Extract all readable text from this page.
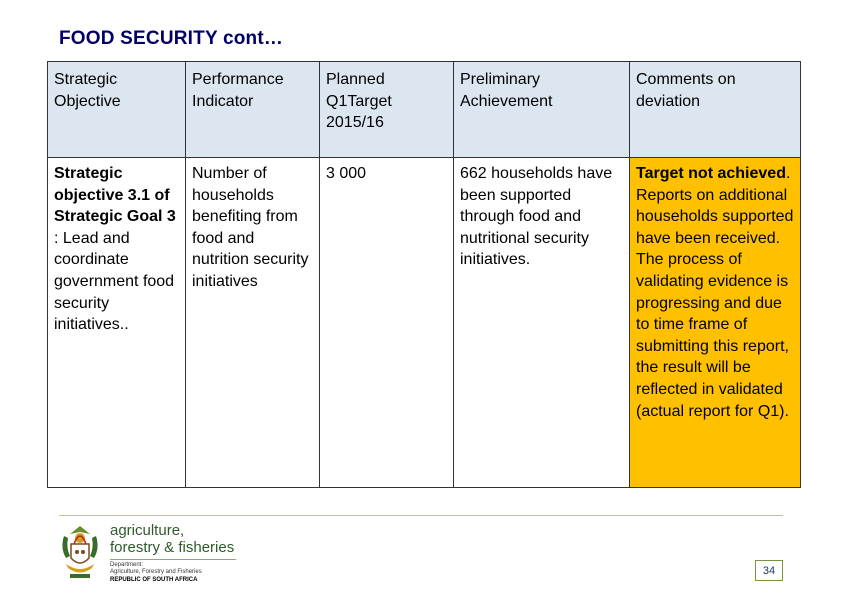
FOOD SECURITY cont…
Strategic Objective	Performance Indicator	Planned Q1Target 2015/16	Preliminary Achievement	Comments on deviation
Strategic objective 3.1 of Strategic Goal 3 : Lead and coordinate government food security initiatives..	Number of households benefiting from food and nutrition security initiatives	3 000	662 households have been supported through food and nutritional security initiatives.	Target not achieved. Reports on additional households supported have been received. The process of validating evidence is progressing and due to time frame of submitting this report, the result will be reflected in validated (actual report for Q1).
agriculture,
forestry & fisheries
Department:
Agriculture, Forestry and Fisheries
REPUBLIC OF SOUTH AFRICA
34
